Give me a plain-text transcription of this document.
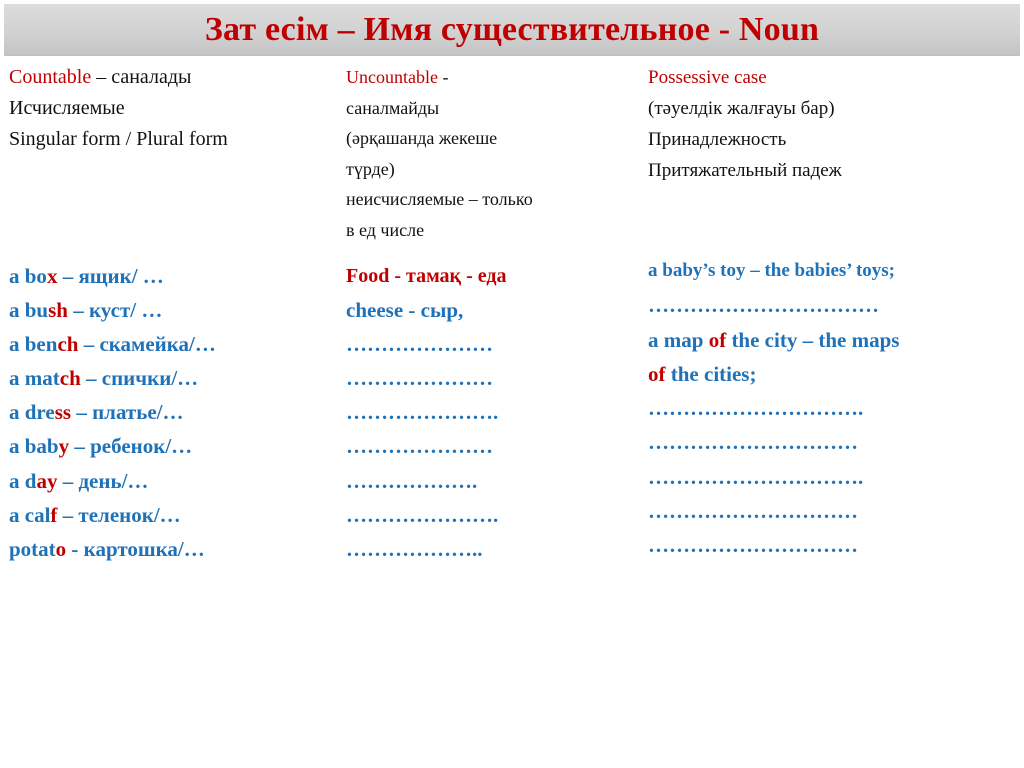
Зат есім – Имя существительное - Noun
Countable – саналады
Исчисляемые
Singular form / Plural form
Uncountable -
саналмайды
(әрқашанда жекеше
түрде)
неисчисляемые – только
в ед числе
Possessive case
(тәуелдік жалғауы бар)
Принадлежность
Притяжательный падеж
a box – ящик/ …
a bush – куст/ …
a bench – скамейка/…
a match – спички/…
a dress – платье/…
a baby – ребенок/…
a day – день/…
a calf – теленок/…
potato - картошка/…
Food - тамақ - еда
cheese - сыр,
…………………
…………………
………………….
…………………
……………….
………………….
………………..
a baby’s toy – the babies’ toys;
……………………………
a map of the city – the maps
of the cities;
………………………….
…………………………
………………………….
…………………………
…………………………
